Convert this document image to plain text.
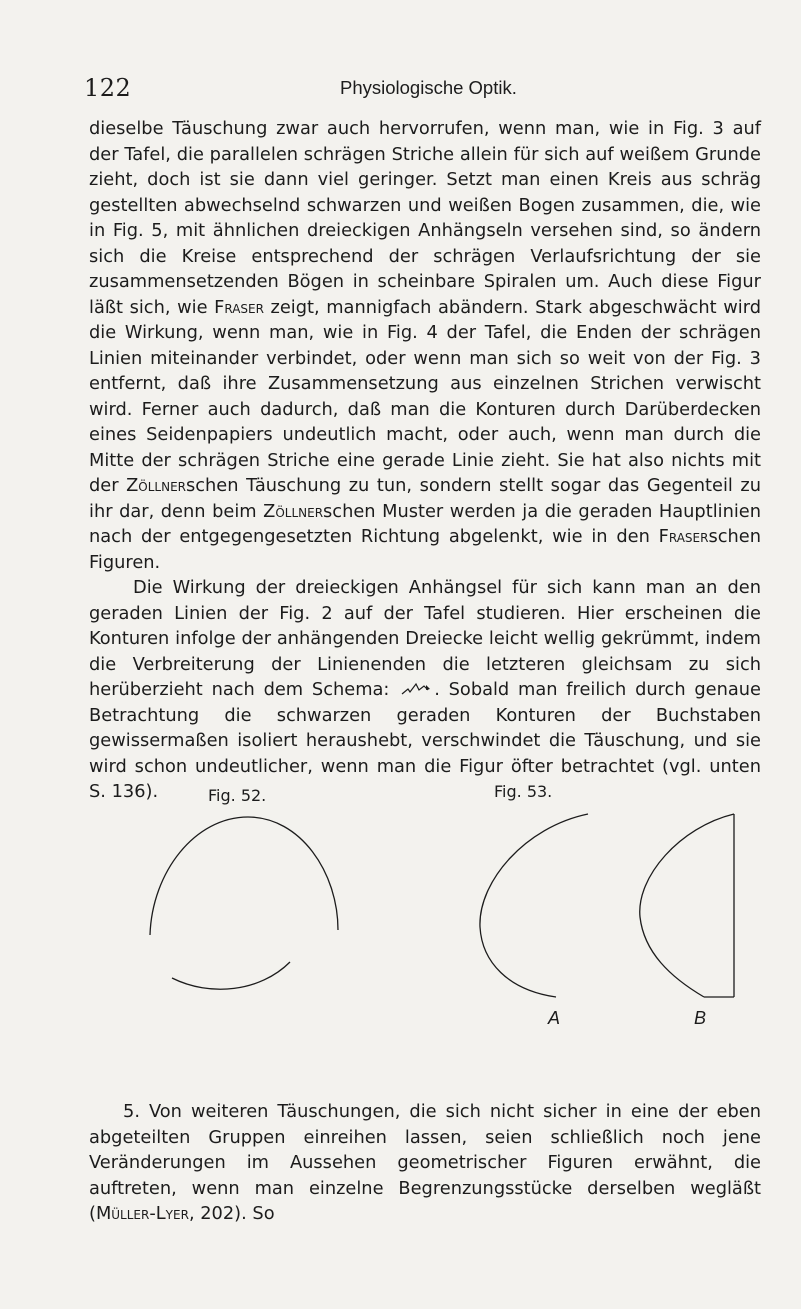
122	Physiologische Optik.

dieselbe Täuschung zwar auch hervorrufen, wenn man, wie in Fig. 3 auf der Tafel, die parallelen schrägen Striche allein für sich auf weißem Grunde zieht, doch ist sie dann viel geringer. Setzt man einen Kreis aus schräg gestellten abwechselnd schwarzen und weißen Bogen zusammen, die, wie in Fig. 5, mit ähnlichen dreieckigen Anhängseln versehen sind, so ändern sich die Kreise entsprechend der schrägen Verlaufsrichtung der sie zusammensetzenden Bögen in scheinbare Spiralen um. Auch diese Figur läßt sich, wie Fraser zeigt, mannigfach abändern. Stark abgeschwächt wird die Wirkung, wenn man, wie in Fig. 4 der Tafel, die Enden der schrägen Linien miteinander verbindet, oder wenn man sich so weit von der Fig. 3 entfernt, daß ihre Zusammensetzung aus einzelnen Strichen verwischt wird. Ferner auch dadurch, daß man die Konturen durch Darüberdecken eines Seidenpapiers undeutlich macht, oder auch, wenn man durch die Mitte der schrägen Striche eine gerade Linie zieht. Sie hat also nichts mit der Zöllnerschen Täuschung zu tun, sondern stellt sogar das Gegenteil zu ihr dar, denn beim Zöllnerschen Muster werden ja die geraden Hauptlinien nach der entgegengesetzten Richtung abgelenkt, wie in den Fraserschen Figuren.

Die Wirkung der dreieckigen Anhängsel für sich kann man an den geraden Linien der Fig. 2 auf der Tafel studieren. Hier erscheinen die Konturen infolge der anhängenden Dreiecke leicht wellig gekrümmt, indem die Verbreiterung der Linienenden die letzteren gleichsam zu sich herüberzieht nach dem Schema: . Sobald man freilich durch genaue Betrachtung die schwarzen geraden Konturen der Buchstaben gewissermaßen isoliert heraushebt, verschwindet die Täuschung, und sie wird schon undeutlicher, wenn man die Figur öfter betrachtet (vgl. unten S. 136).	Fig. 52.	Fig. 53.
A	B

5. Von weiteren Täuschungen, die sich nicht sicher in eine der eben abgeteilten Gruppen einreihen lassen, seien schließlich noch jene Veränderungen im Aussehen geometrischer Figuren erwähnt, die auftreten, wenn man einzelne Begrenzungsstücke derselben wegläßt (Müller-Lyer, 202). So
